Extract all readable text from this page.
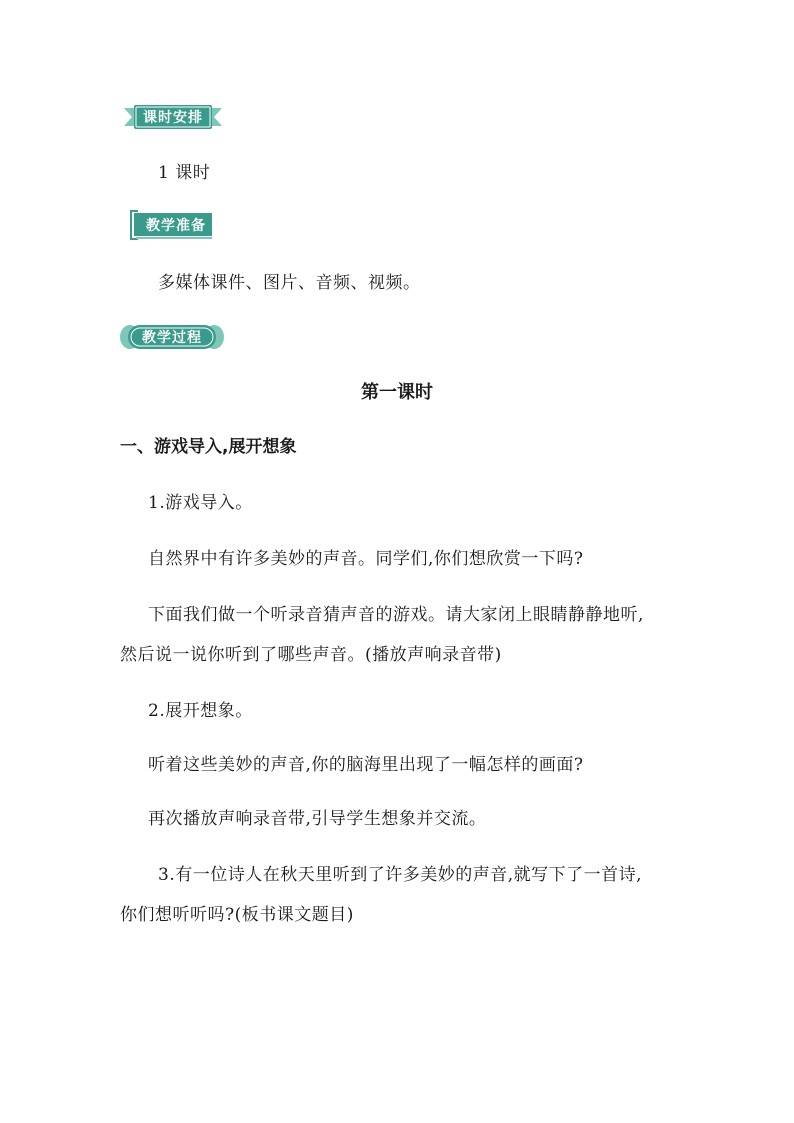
课时安排
1 课时
教学准备
多媒体课件、图片、音频、视频。
教学过程
第一课时
一、游戏导入,展开想象
1.游戏导入。
自然界中有许多美妙的声音。同学们,你们想欣赏一下吗?
下面我们做一个听录音猜声音的游戏。请大家闭上眼睛静静地听,
然后说一说你听到了哪些声音。(播放声响录音带)
2.展开想象。
听着这些美妙的声音,你的脑海里出现了一幅怎样的画面?
再次播放声响录音带,引导学生想象并交流。
3.有一位诗人在秋天里听到了许多美妙的声音,就写下了一首诗,
你们想听听吗?(板书课文题目)
